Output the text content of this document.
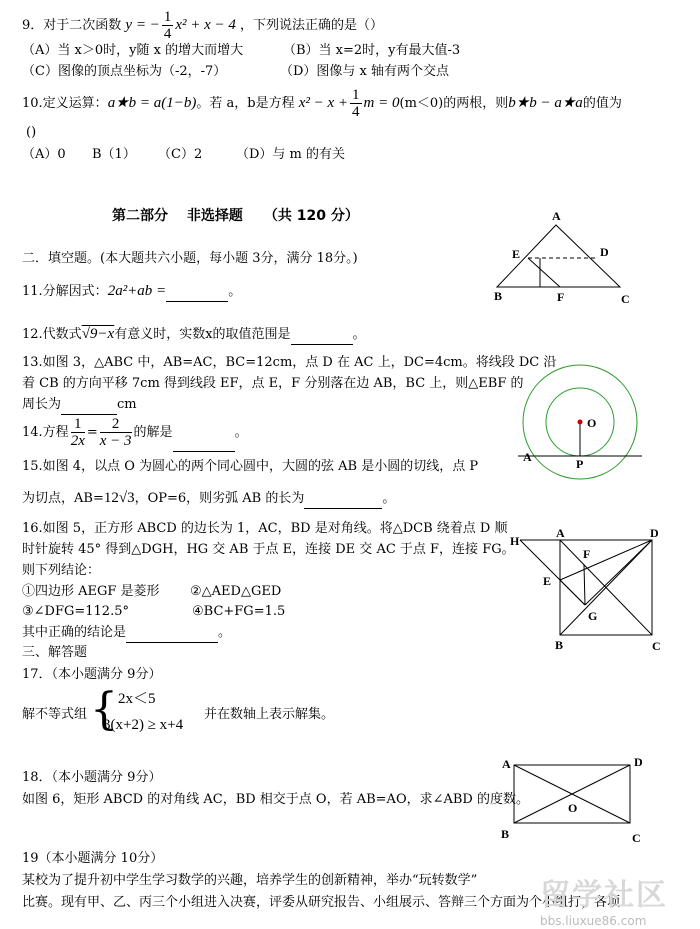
9．对于二次函数 y = − $\frac{1}{4} x^2 + x - 4$ ，下列说法正确的是（）
（A）当 x＞0时，y随 x 的增大而增大	（B）当 x=2时，y有最大值-3
（C）图像的顶点坐标为（-2，-7）	（D）图像与 x 轴有两个交点
10.定义运算：a★b = a(1−b)。若 a，b是方程 $x^2 - x + \frac{1}{4}$ m = 0(m＜0)的两根，则b★b − a★a的值为
()
（A）0 B（1） （C）2	（D）与 m 的有关
第二部分　 非选择题　　（共 120 分）
二．填空题。(本大题共六小题，每小题 3分，满分 18分。)
11.分解因式：2a²+ab =	。
12.代数式√9−x有意义时，实数x的取值范围是	。
13.如图 3，△ABC 中，AB=AC，BC=12cm，点 D 在 AC 上，DC=4cm。将线段 DC 沿
着 CB 的方向平移 7cm 得到线段 EF，点 E，F 分别落在边 AB，BC 上，则△EBF 的
周长为	cm
14.方程 $\frac{1}{2x} = \frac{2}{x - 3}$ 的解是	。
15.如图 4，以点 O 为圆心的两个同心圆中，大圆的弦 AB 是小圆的切线，点 P
为切点，AB=12√3，OP=6，则劣弧 AB 的长为	。
16.如图 5，正方形 ABCD 的边长为 1，AC，BD 是对角线。将△DCB 绕着点 D 顺
时针旋转 45° 得到△DGH，HG 交 AB 于点 E，连接 DE 交 AC 于点 F，连接 FG。
则下列结论：
①四边形 AEGF 是菱形 ②△AED△GED
③∠DFG=112.5°	④BC+FG=1.5
其中正确的结论是	。
三、解答题
17．（本小题满分 9分）
解不等式组 { 2x＜5
3(x+2) ≥ x+4
并在数轴上表示解集。
18．（本小题满分 9分）
如图 6，矩形 ABCD 的对角线 AC，BD 相交于点 O，若 AB=AO，求∠ABD 的度数。
19（本小题满分 10分）
某校为了提升初中学生学习数学的兴趣，培养学生的创新精神，举办“玩转数学”
比赛。现有甲、乙、丙三个小组进入决赛，评委从研究报告、小组展示、答辩三个方面为个小组打，各项
A
E	D
B	F	C
O
A	P
H
A	D
F
E
G
B	C
A	D
O
B	C
留学社区
bbs.liuxue86.com
